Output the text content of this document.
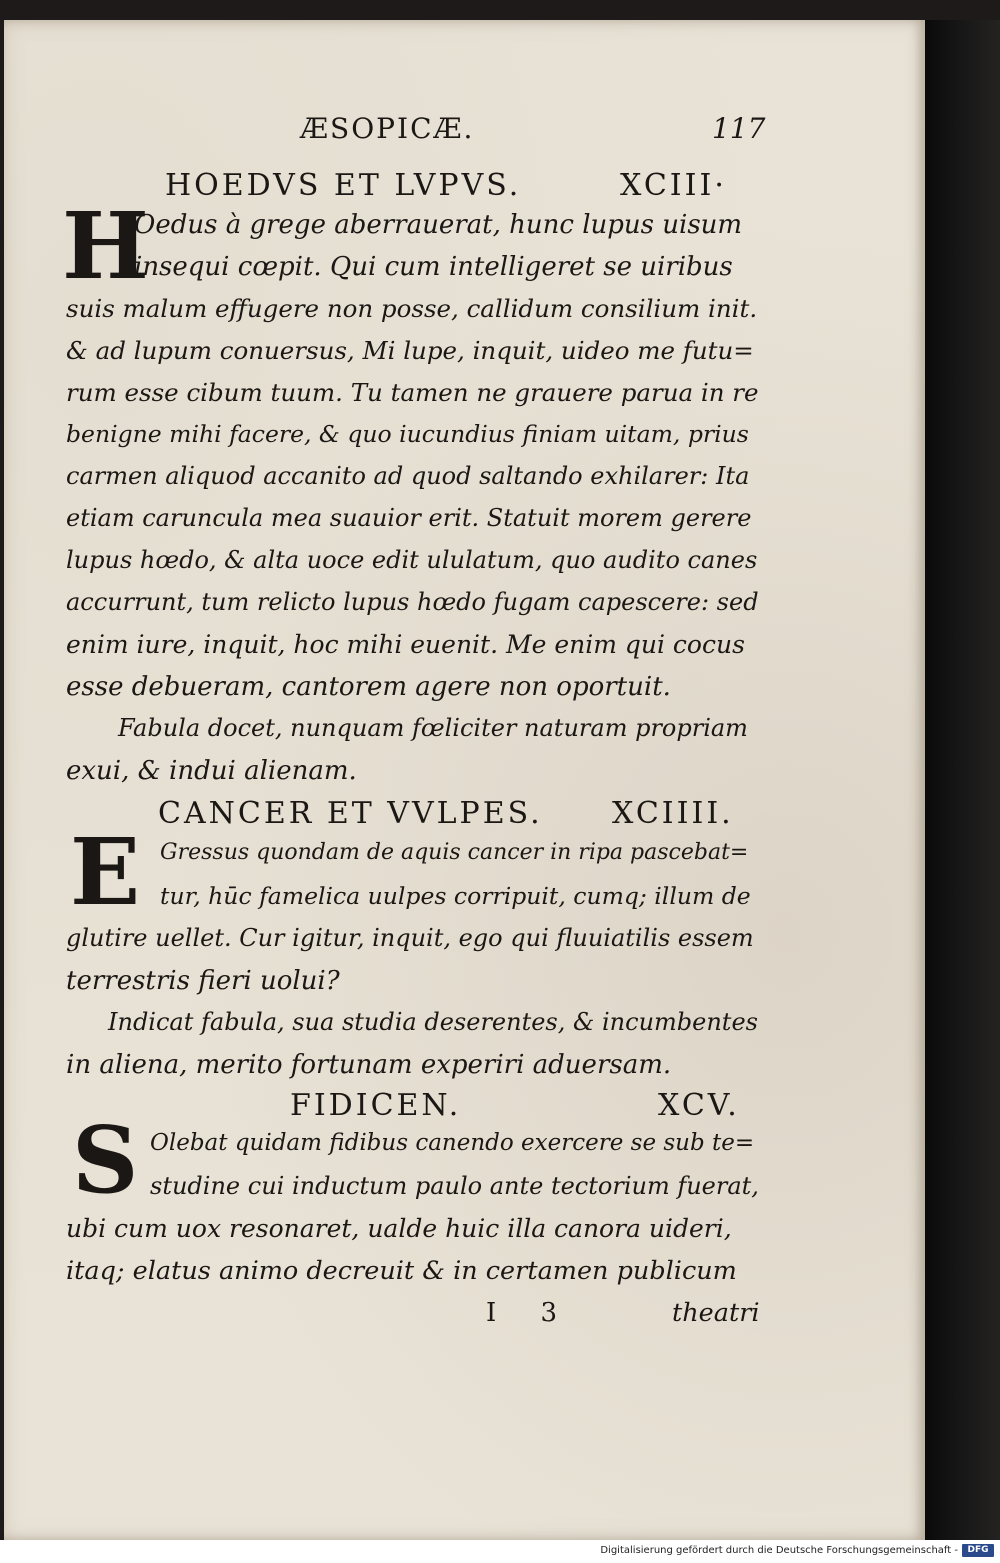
ÆSOPICÆ.	117
HOEDVS ET LVPVS.	XCIII·
H
Oedus à grege aberrauerat, hunc lupus uisum
insequi cœpit. Qui cum intelligeret se uiribus
suis malum effugere non posse, callidum consilium init.
& ad lupum conuersus, Mi lupe, inquit, uideo me futu=
rum esse cibum tuum. Tu tamen ne grauere parua in re
benigne mihi facere, & quo iucundius finiam uitam, prius
carmen aliquod accanito ad quod saltando exhilarer: Ita
etiam caruncula mea suauior erit. Statuit morem gerere
lupus hœdo, & alta uoce edit ululatum, quo audito canes
accurrunt, tum relicto lupus hœdo fugam capescere: sed
enim iure, inquit, hoc mihi euenit. Me enim qui cocus
esse debueram, cantorem agere non oportuit.
Fabula docet, nunquam fœliciter naturam propriam
exui, & indui alienam.
CANCER ET VVLPES. XCIIII.
E Gressus quondam de aquis cancer in ripa pascebat=
tur, hūc famelica uulpes corripuit, cumq; illum de
glutire uellet. Cur igitur, inquit, ego qui fluuiatilis essem
terrestris fieri uolui?
Indicat fabula, sua studia deserentes, & incumbentes
in aliena, merito fortunam experiri aduersam.
FIDICEN.	XCV.
S Olebat quidam fidibus canendo exercere se sub te=
studine cui inductum paulo ante tectorium fuerat,
ubi cum uox resonaret, ualde huic illa canora uideri,
itaq; elatus animo decreuit & in certamen publicum
I 3	theatri
Digitalisierung gefördert durch die Deutsche Forschungsgemeinschaft -	DFG
